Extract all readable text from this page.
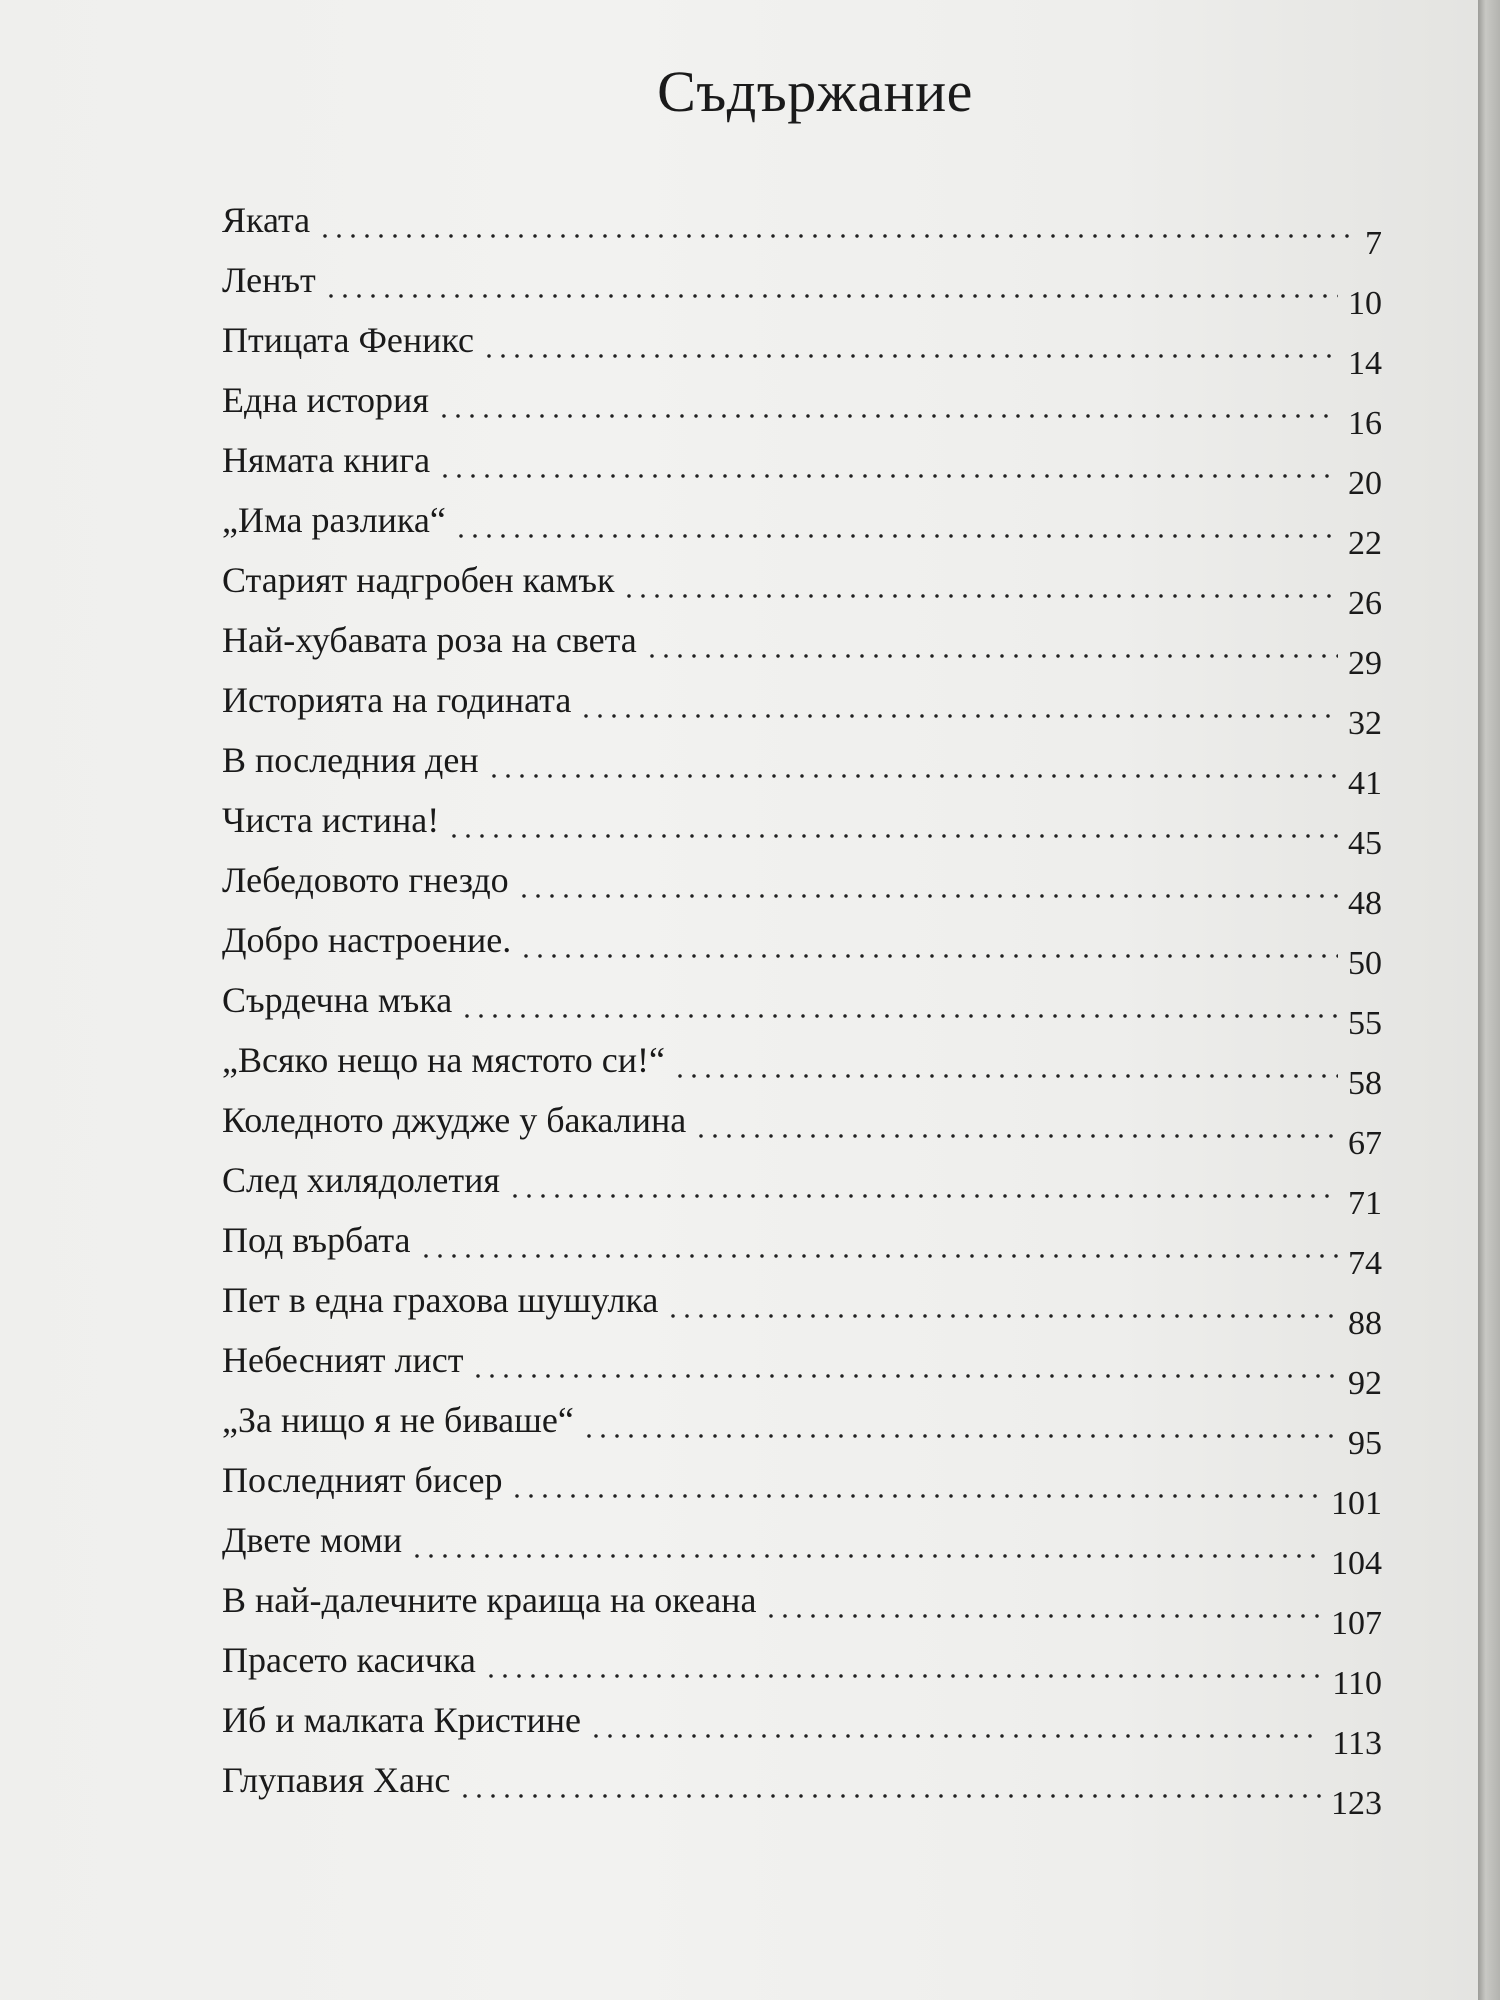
Съдържание
Яката
7
Ленът
10
Птицата Феникс
14
Една история
16
Нямата книга
20
„Има разлика“
22
Старият надгробен камък
26
Най-хубавата роза на света
29
Историята на годината
32
В последния ден
41
Чиста истина!
45
Лебедовото гнездо
48
Добро настроение.
50
Сърдечна мъка
55
„Всяко нещо на мястото си!“
58
Коледното джудже у бакалина
67
След хилядолетия
71
Под върбата
74
Пет в една грахова шушулка
88
Небесният лист
92
„За нищо я не биваше“
95
Последният бисер
101
Двете моми
104
В най-далечните краища на океана
107
Прасето касичка
110
Иб и малката Кристине
113
Глупавия Ханс
123
